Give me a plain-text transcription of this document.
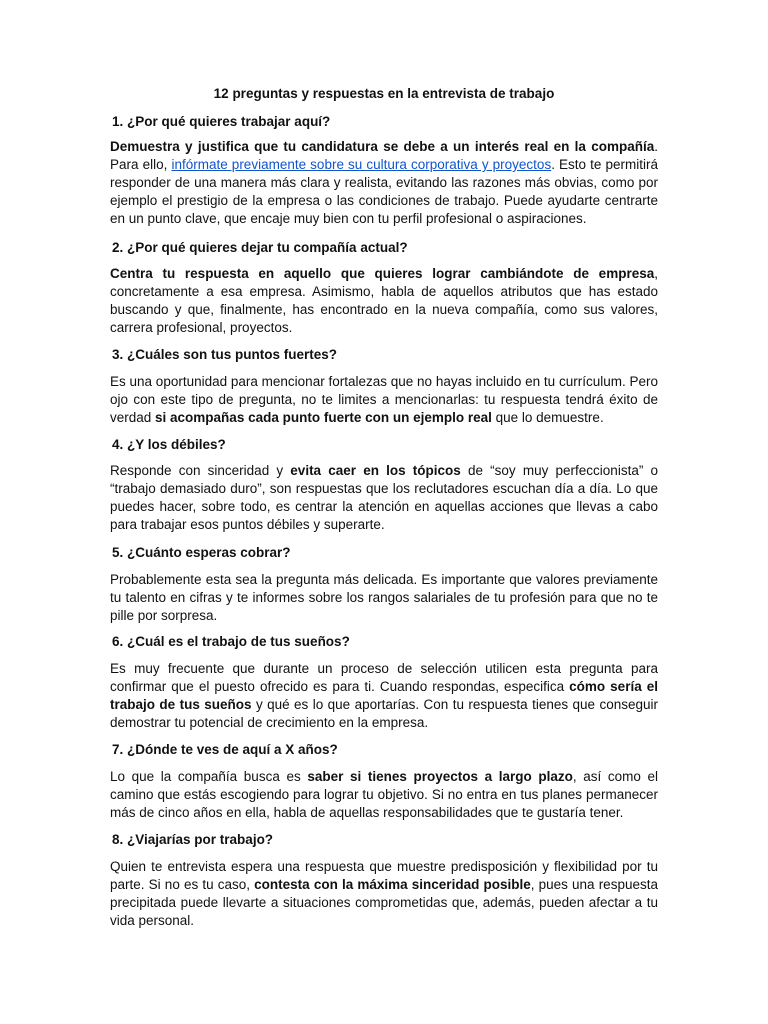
12 preguntas y respuestas en la entrevista de trabajo

1. ¿Por qué quieres trabajar aquí?

Demuestra y justifica que tu candidatura se debe a un interés real en la compañía. Para ello, infórmate previamente sobre su cultura corporativa y proyectos. Esto te permitirá responder de una manera más clara y realista, evitando las razones más obvias, como por ejemplo el prestigio de la empresa o las condiciones de trabajo. Puede ayudarte centrarte en un punto clave, que encaje muy bien con tu perfil profesional o aspiraciones.

2. ¿Por qué quieres dejar tu compañía actual?

Centra tu respuesta en aquello que quieres lograr cambiándote de empresa, concretamente a esa empresa. Asimismo, habla de aquellos atributos que has estado buscando y que, finalmente, has encontrado en la nueva compañía, como sus valores, carrera profesional, proyectos.

3. ¿Cuáles son tus puntos fuertes?

Es una oportunidad para mencionar fortalezas que no hayas incluido en tu currículum. Pero ojo con este tipo de pregunta, no te limites a mencionarlas: tu respuesta tendrá éxito de verdad si acompañas cada punto fuerte con un ejemplo real que lo demuestre.

4. ¿Y los débiles?

Responde con sinceridad y evita caer en los tópicos de “soy muy perfeccionista” o “trabajo demasiado duro”, son respuestas que los reclutadores escuchan día a día. Lo que puedes hacer, sobre todo, es centrar la atención en aquellas acciones que llevas a cabo para trabajar esos puntos débiles y superarte.

5. ¿Cuánto esperas cobrar?

Probablemente esta sea la pregunta más delicada. Es importante que valores previamente tu talento en cifras y te informes sobre los rangos salariales de tu profesión para que no te pille por sorpresa.

6. ¿Cuál es el trabajo de tus sueños?

Es muy frecuente que durante un proceso de selección utilicen esta pregunta para confirmar que el puesto ofrecido es para ti. Cuando respondas, especifica cómo sería el trabajo de tus sueños y qué es lo que aportarías. Con tu respuesta tienes que conseguir demostrar tu potencial de crecimiento en la empresa.

7. ¿Dónde te ves de aquí a X años?

Lo que la compañía busca es saber si tienes proyectos a largo plazo, así como el camino que estás escogiendo para lograr tu objetivo. Si no entra en tus planes permanecer más de cinco años en ella, habla de aquellas responsabilidades que te gustaría tener.

8. ¿Viajarías por trabajo?

Quien te entrevista espera una respuesta que muestre predisposición y flexibilidad por tu parte. Si no es tu caso, contesta con la máxima sinceridad posible, pues una respuesta precipitada puede llevarte a situaciones comprometidas que, además, pueden afectar a tu vida personal.
